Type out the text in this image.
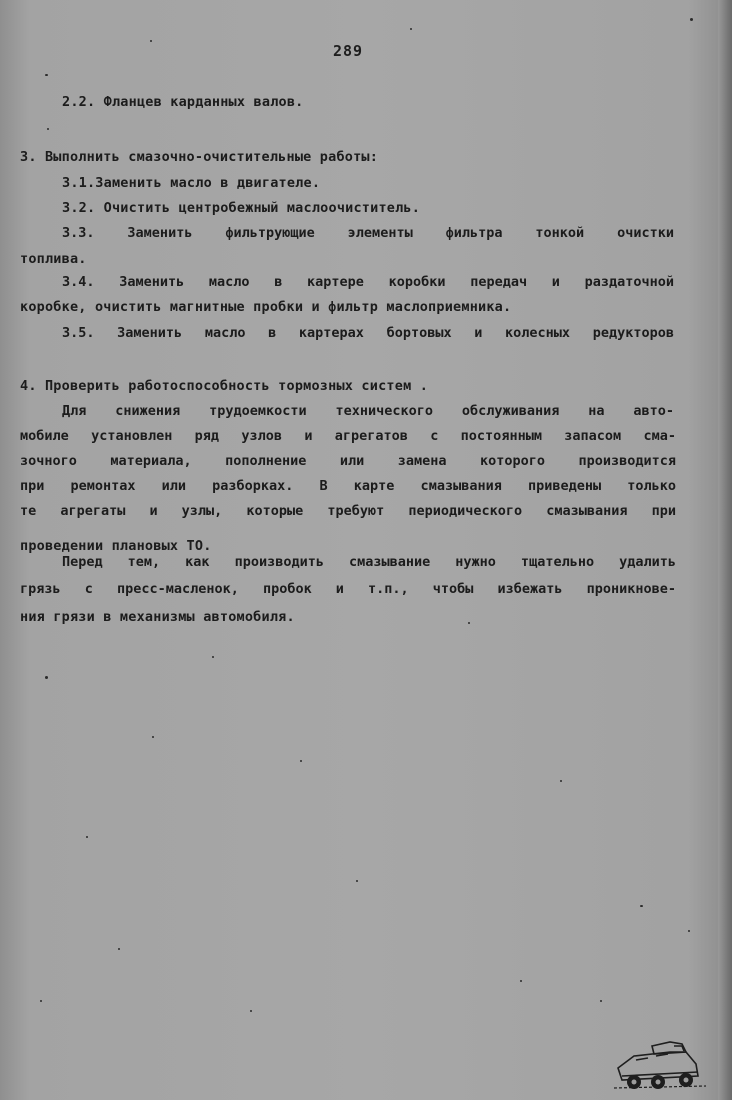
289
2.2. Фланцев карданных валов.
3. Выполнить смазочно-очистительные работы:
3.1.Заменить масло в двигателе.
3.2. Очистить центробежный маслоочиститель.
3.3. Заменить фильтрующие элементы фильтра тонкой очистки
топлива.
3.4. Заменить масло в картере коробки передач и раздаточной
коробке, очистить магнитные пробки и фильтр маслоприемника.
3.5. Заменить масло в картерах бортовых и колесных редукторов
4. Проверить работоспособность тормозных систем .
Для снижения трудоемкости технического обслуживания на авто-
мобиле установлен ряд узлов и агрегатов с постоянным запасом сма-
зочного материала, пополнение или замена которого производится
при ремонтах или разборках. В карте смазывания приведены только
те агрегаты и узлы, которые требуют периодического смазывания при
проведении плановых ТО.
Перед тем, как производить смазывание нужно тщательно удалить
грязь с пресс-масленок, пробок и т.п., чтобы избежать проникнове-
ния грязи в механизмы автомобиля.
